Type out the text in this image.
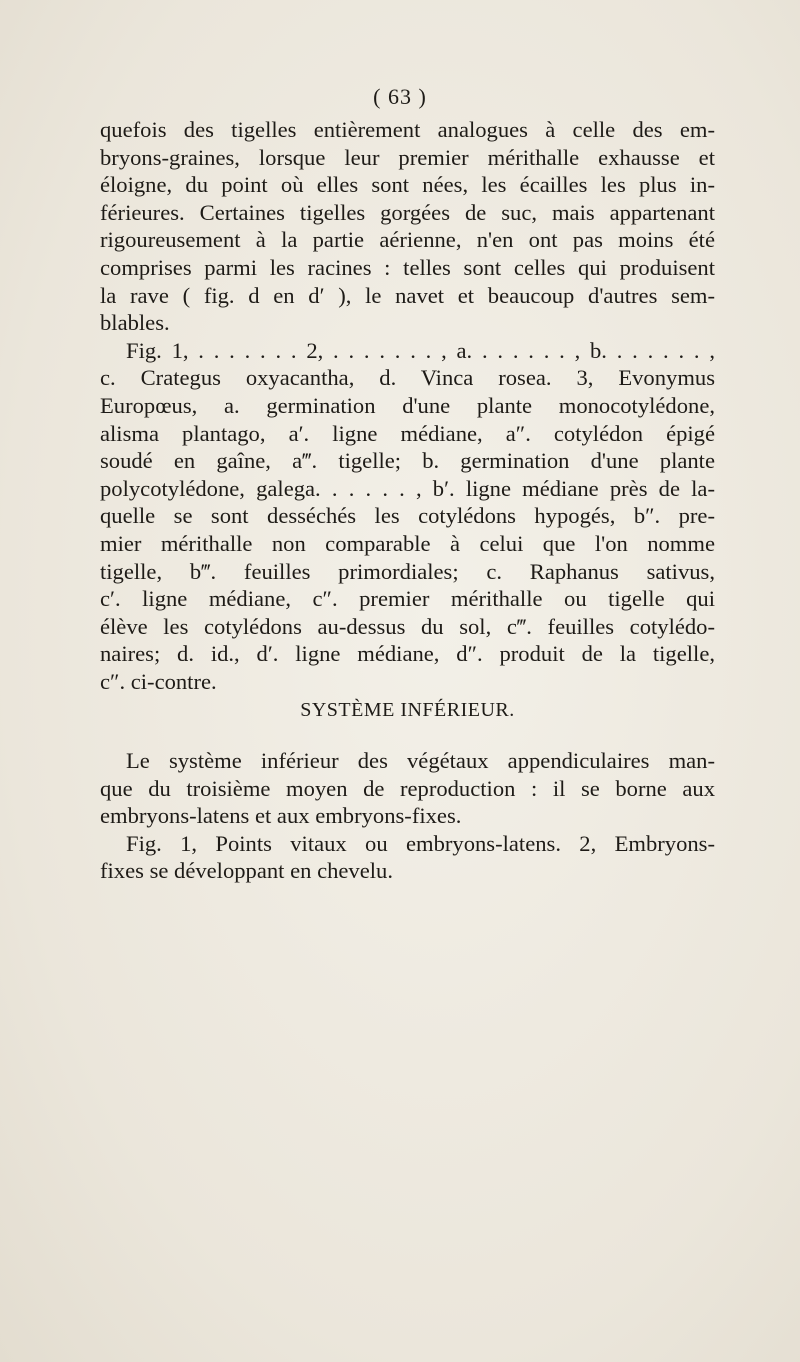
( 63 )
quefois des tigelles entièrement analogues à celle des em-
bryons-graines, lorsque leur premier mérithalle exhausse et
éloigne, du point où elles sont nées, les écailles les plus in-
férieures. Certaines tigelles gorgées de suc, mais appartenant
rigoureusement à la partie aérienne, n'en ont pas moins été
comprises parmi les racines : telles sont celles qui produisent
la rave ( fig. d en d′ ), le navet et beaucoup d'autres sem-
blables.
Fig. 1, . . . . . . . 2, . . . . . . . , a. . . . . . . , b. . . . . . . ,
c. Crategus oxyacantha, d. Vinca rosea. 3, Evonymus
Europœus, a. germination d'une plante monocotylédone,
alisma plantago, a′. ligne médiane, a″. cotylédon épigé
soudé en gaîne, a‴. tigelle; b. germination d'une plante
polycotylédone, galega. . . . . . , b′. ligne médiane près de la-
quelle se sont desséchés les cotylédons hypogés, b″. pre-
mier mérithalle non comparable à celui que l'on nomme
tigelle, b‴. feuilles primordiales; c. Raphanus sativus,
c′. ligne médiane, c″. premier mérithalle ou tigelle qui
élève les cotylédons au-dessus du sol, c‴. feuilles cotylédo-
naires; d. id., d′. ligne médiane, d″. produit de la tigelle,
c″. ci-contre.
SYSTÈME INFÉRIEUR.
Le système inférieur des végétaux appendiculaires man-
que du troisième moyen de reproduction : il se borne aux
embryons-latens et aux embryons-fixes.
Fig. 1, Points vitaux ou embryons-latens. 2, Embryons-
fixes se développant en chevelu.
